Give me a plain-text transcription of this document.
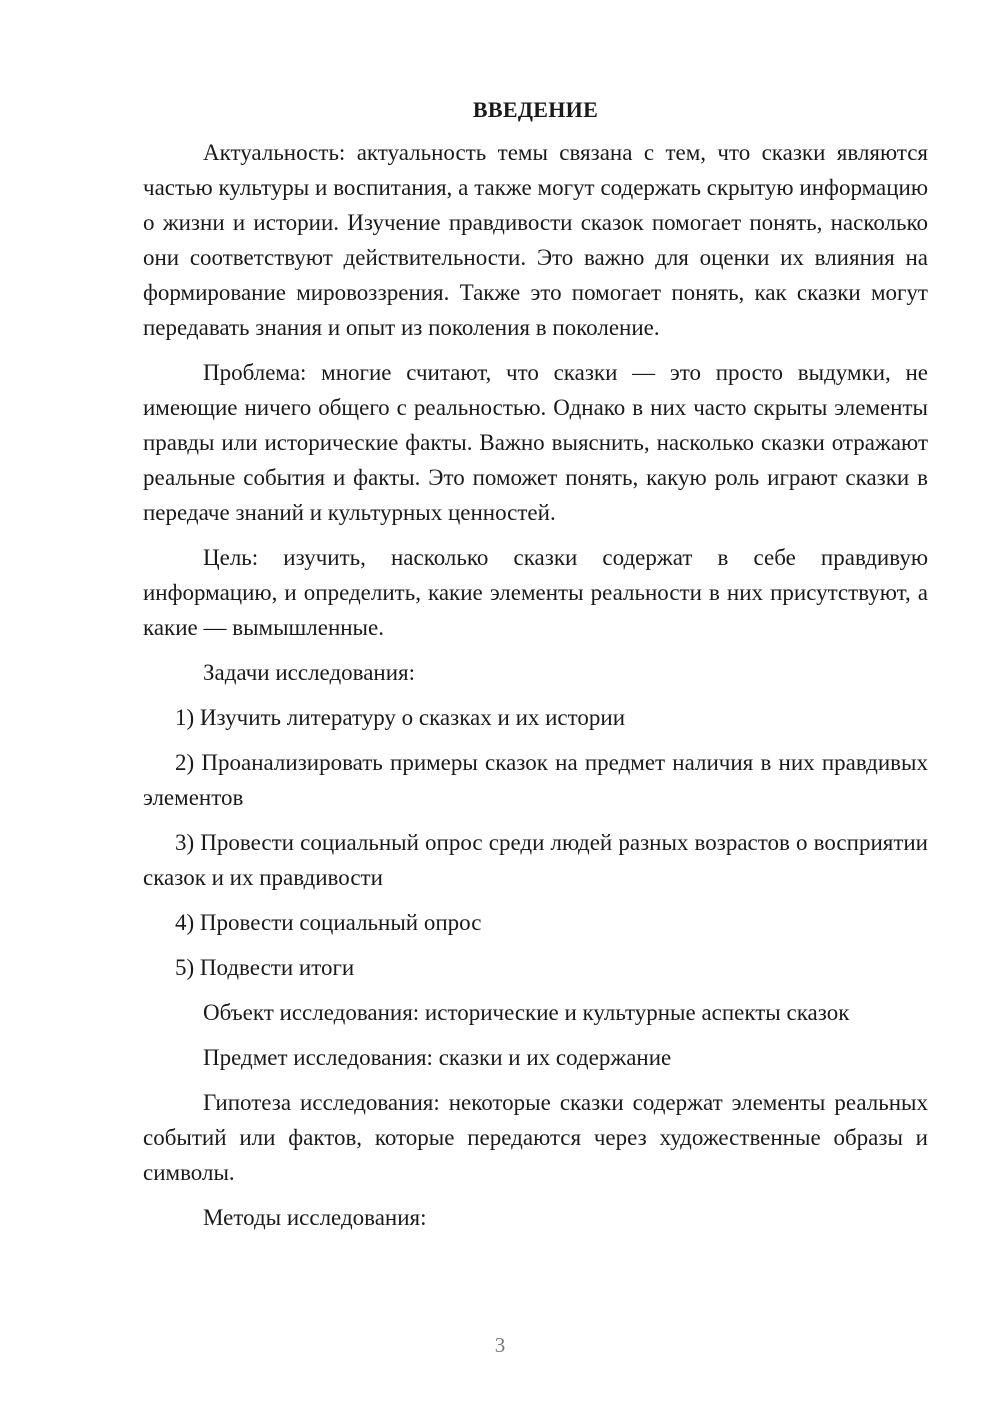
ВВЕДЕНИЕ

Актуальность: актуальность темы связана с тем, что сказки являются частью культуры и воспитания, а также могут содержать скрытую информацию о жизни и истории. Изучение правдивости сказок помогает понять, насколько они соответствуют действительности. Это важно для оценки их влияния на формирование мировоззрения. Также это помогает понять, как сказки могут передавать знания и опыт из поколения в поколение.

Проблема: многие считают, что сказки — это просто выдумки, не имеющие ничего общего с реальностью. Однако в них часто скрыты элементы правды или исторические факты. Важно выяснить, насколько сказки отражают реальные события и факты. Это поможет понять, какую роль играют сказки в передаче знаний и культурных ценностей.

Цель: изучить, насколько сказки содержат в себе правдивую информацию, и определить, какие элементы реальности в них присутствуют, а какие — вымышленные.

Задачи исследования:

1) Изучить литературу о сказках и их истории

2) Проанализировать примеры сказок на предмет наличия в них правдивых элементов

3) Провести социальный опрос среди людей разных возрастов о восприятии сказок и их правдивости

4) Провести социальный опрос

5) Подвести итоги

Объект исследования: исторические и культурные аспекты сказок

Предмет исследования: сказки и их содержание

Гипотеза исследования: некоторые сказки содержат элементы реальных событий или фактов, которые передаются через художественные образы и символы.

Методы исследования:

3
